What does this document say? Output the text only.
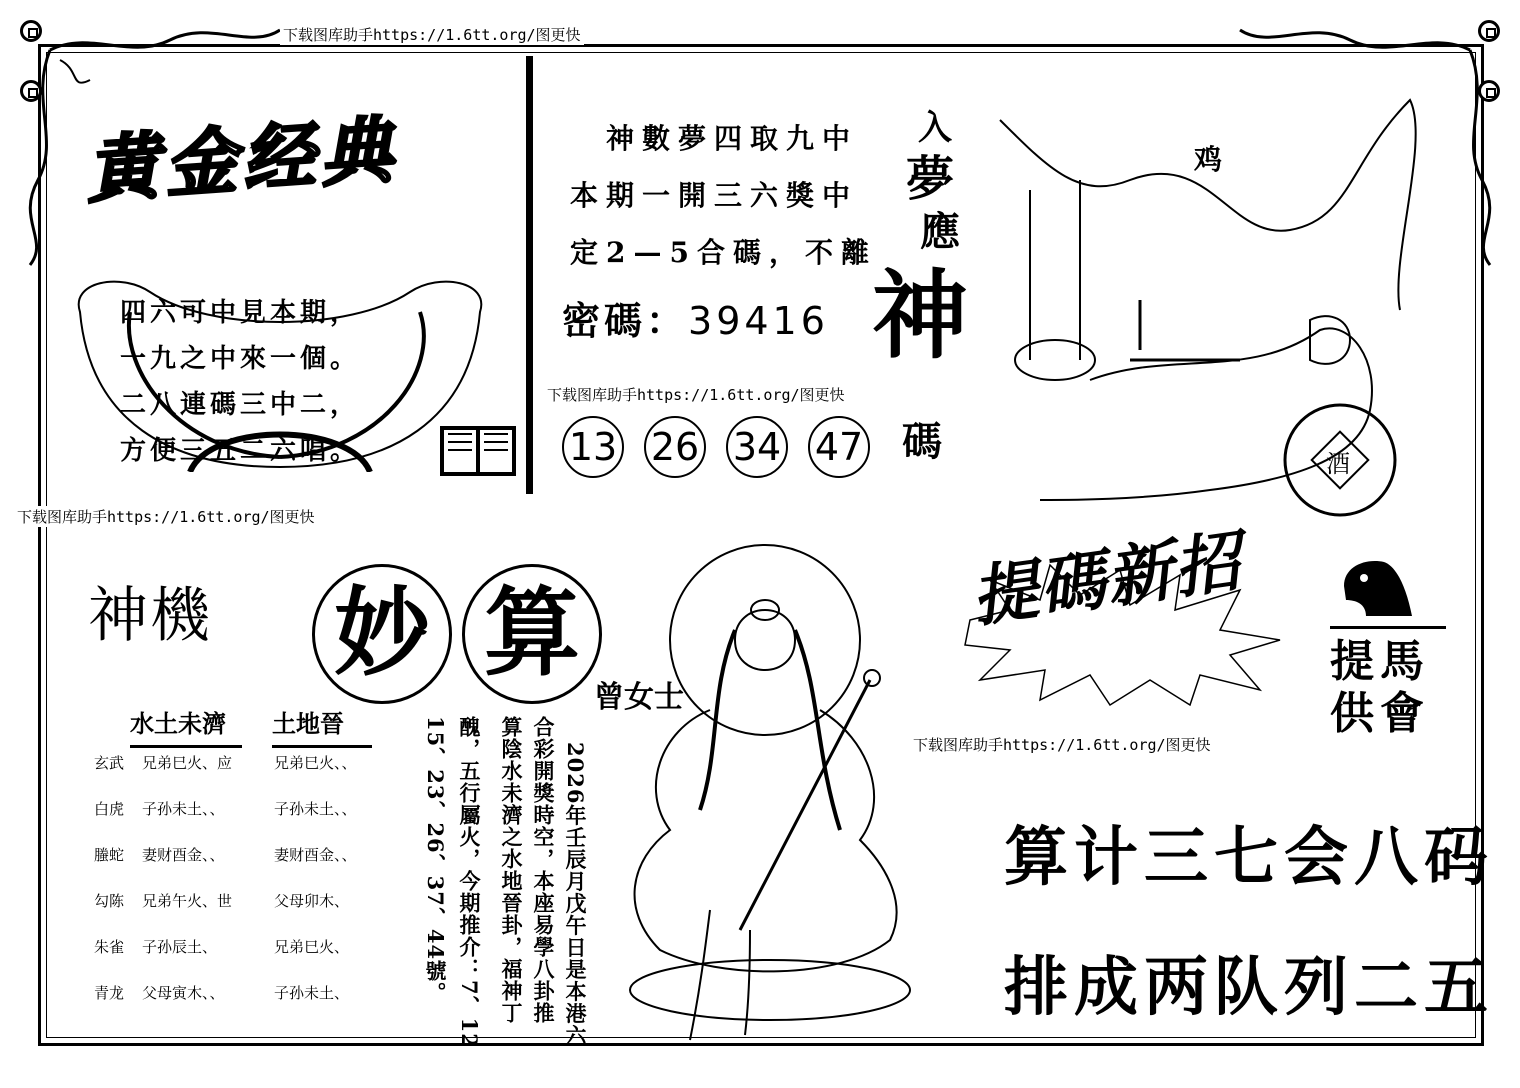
下载图库助手https://1.6tt.org/图更快
下载图库助手https://1.6tt.org/图更快
下载图库助手https://1.6tt.org/图更快
下载图库助手https://1.6tt.org/图更快
黄金经典
四六可中見本期，
一九之中來一個。
二八連碼三中二，
方便三五二六唱。
神數夢四取九中
本期一開三六獎中
定2—5合碼，不離
密碼：39416
13 26 34 47
入
夢
應
神
碼	酒
鸡
神機 妙 算
曾女士
水土未濟	土地晉
玄武 兄弟巳火、应	兄弟巳火、、
白虎 子孙未土、、	子孙未土、、
螣蛇 妻财酉金、、	妻财酉金、、
勾陈 兄弟午火、世	父母卯木、
朱雀 子孙辰土、	兄弟巳火、
青龙 父母寅木、、	子孙未土、	2026年壬辰月戊午日是本港六
合彩開獎時空，本座易學八卦推
算陰水未濟之水地晉卦，福神丁
醜，五行屬火，今期推介：7、12
15、23、26、37、44號。
提碼新招
提馬
供會
算计三七会八码
排成两队列二五
